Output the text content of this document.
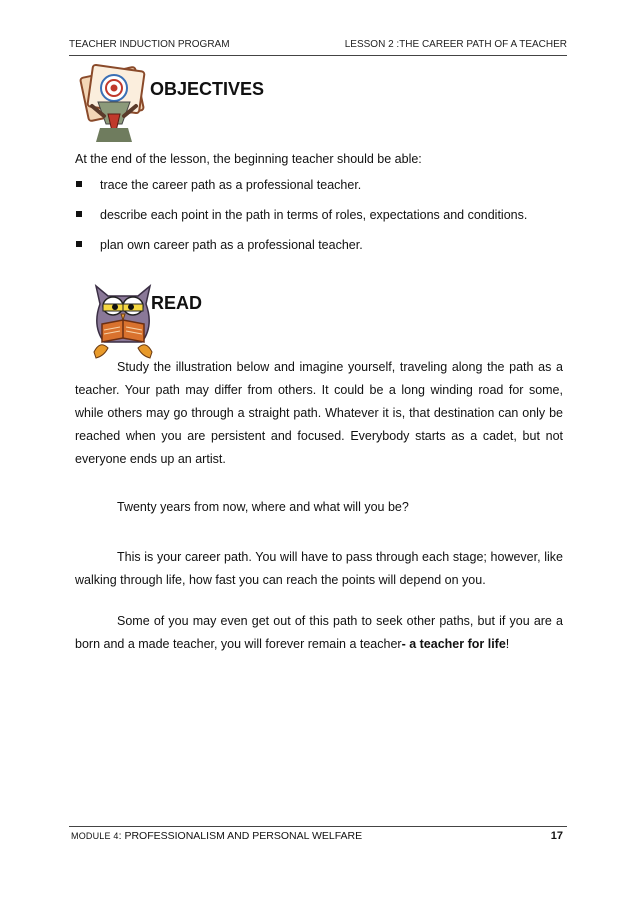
TEACHER INDUCTION PROGRAM	LESSON 2 :THE CAREER PATH OF A TEACHER
OBJECTIVES
At the end of the lesson, the beginning teacher should be able:
trace the career path as a professional teacher.
describe each point in the path in terms of roles, expectations and conditions.
plan own career path as a professional teacher.
READ

Study the illustration below and imagine yourself, traveling along the path as a teacher. Your path may differ from others. It could be a long winding road for some, while others may go through a straight path. Whatever it is, that destination can only be reached when you are persistent and focused. Everybody starts as a cadet, but not everyone ends up an artist.

Twenty years from now, where and what will you be?

This is your career path. You will have to pass through each stage; however, like walking through life, how fast you can reach the points will depend on you.

Some of you may even get out of this path to seek other paths, but if you are a born and a made teacher, you will forever remain a teacher- a teacher for life!

MODULE 4: PROFESSIONALISM AND PERSONAL WELFARE	17
